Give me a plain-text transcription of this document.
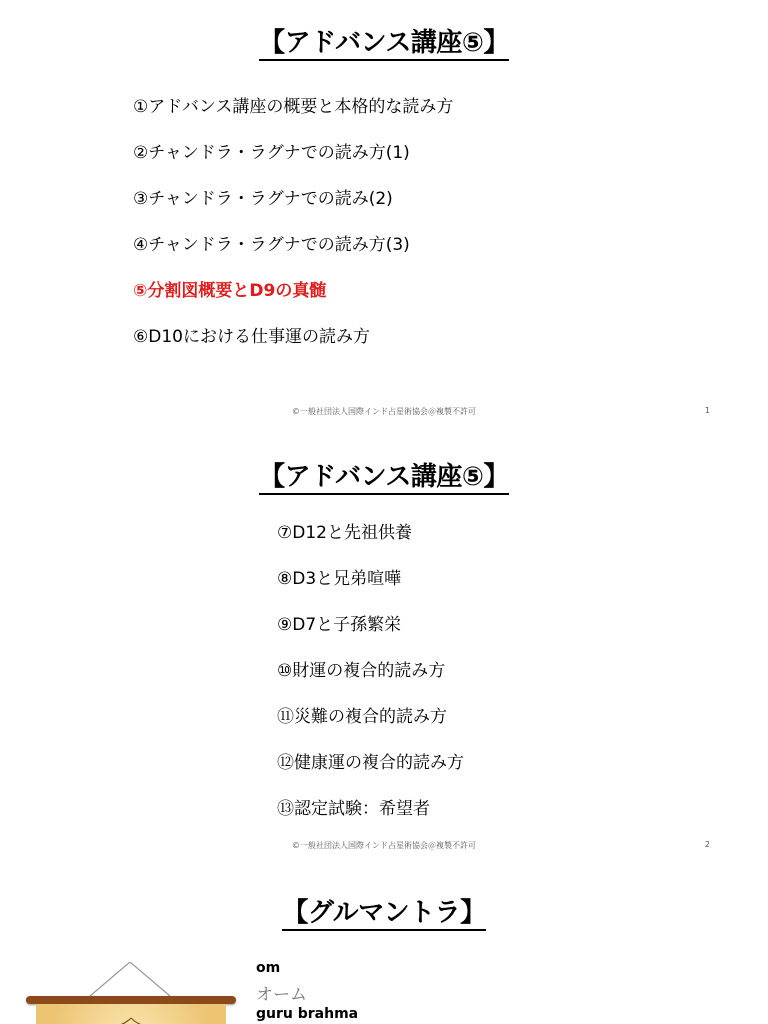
【アドバンス講座⑤】
①アドバンス講座の概要と本格的な読み方
②チャンドラ・ラグナでの読み方(1)
③チャンドラ・ラグナでの読み(2)
④チャンドラ・ラグナでの読み方(3)
⑤分割図概要とD9の真髄
⑥D10における仕事運の読み方
©一般社団法人国際インド占星術協会＠複製不許可	1
【アドバンス講座⑤】
⑦D12と先祖供養
⑧D3と兄弟喧嘩
⑨D7と子孫繁栄
⑩財運の複合的読み方
⑪災難の複合的読み方
⑫健康運の複合的読み方
⑬認定試験：希望者
©一般社団法人国際インド占星術協会＠複製不許可	2
【グルマントラ】
om
オーム
guru brahma
